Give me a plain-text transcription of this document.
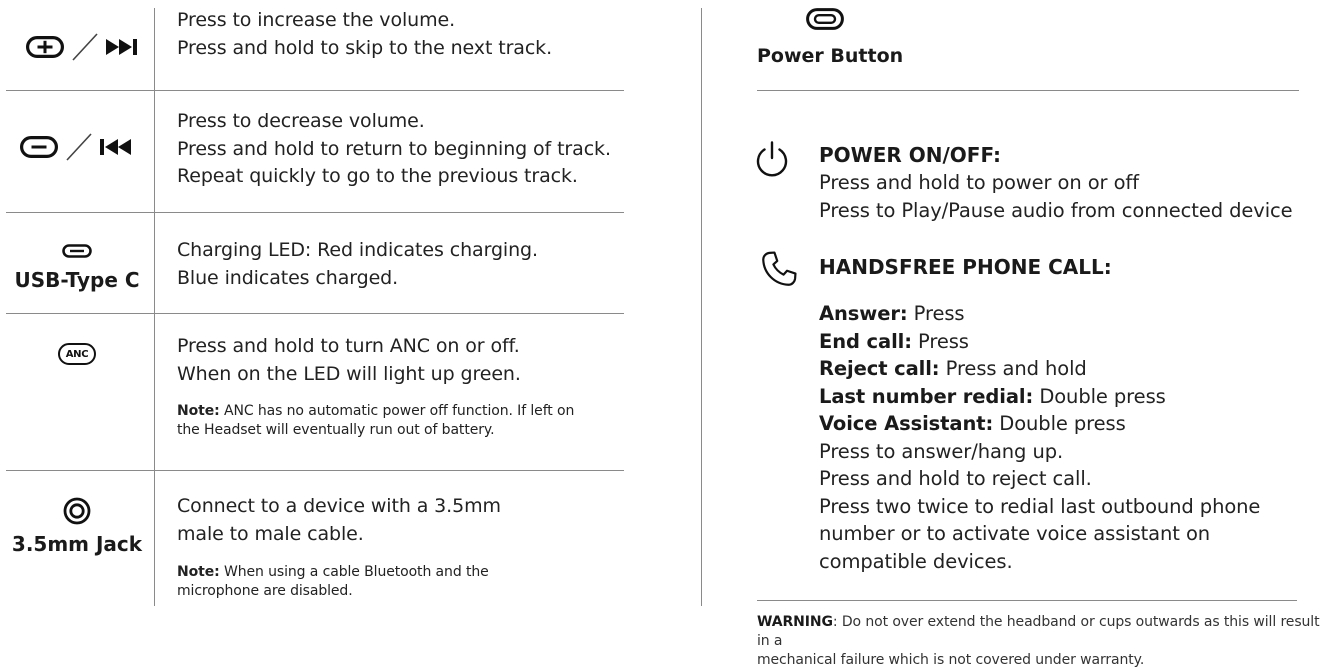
Press to increase the volume.
Press and hold to skip to the next track.
Press to decrease volume.
Press and hold to return to beginning of track.
Repeat quickly to go to the previous track.
USB-Type C
Charging LED: Red indicates charging.
Blue indicates charged.
ANC	Press and hold to turn ANC on or off.
When on the LED will light up green.
Note: ANC has no automatic power off function. If left on
the Headset will eventually run out of battery.
3.5mm Jack
Connect to a device with a 3.5mm
male to male cable.
Note: When using a cable Bluetooth and the
microphone are disabled.
Power Button
POWER ON/OFF:
Press and hold to power on or off
Press to Play/Pause audio from connected device
HANDSFREE PHONE CALL:
Answer: Press
End call: Press
Reject call: Press and hold
Last number redial: Double press
Voice Assistant: Double press
Press to answer/hang up.
Press and hold to reject call.
Press two twice to redial last outbound phone
number or to activate voice assistant on
compatible devices.
WARNING: Do not over extend the headband or cups outwards as this will result in a
mechanical failure which is not covered under warranty.
